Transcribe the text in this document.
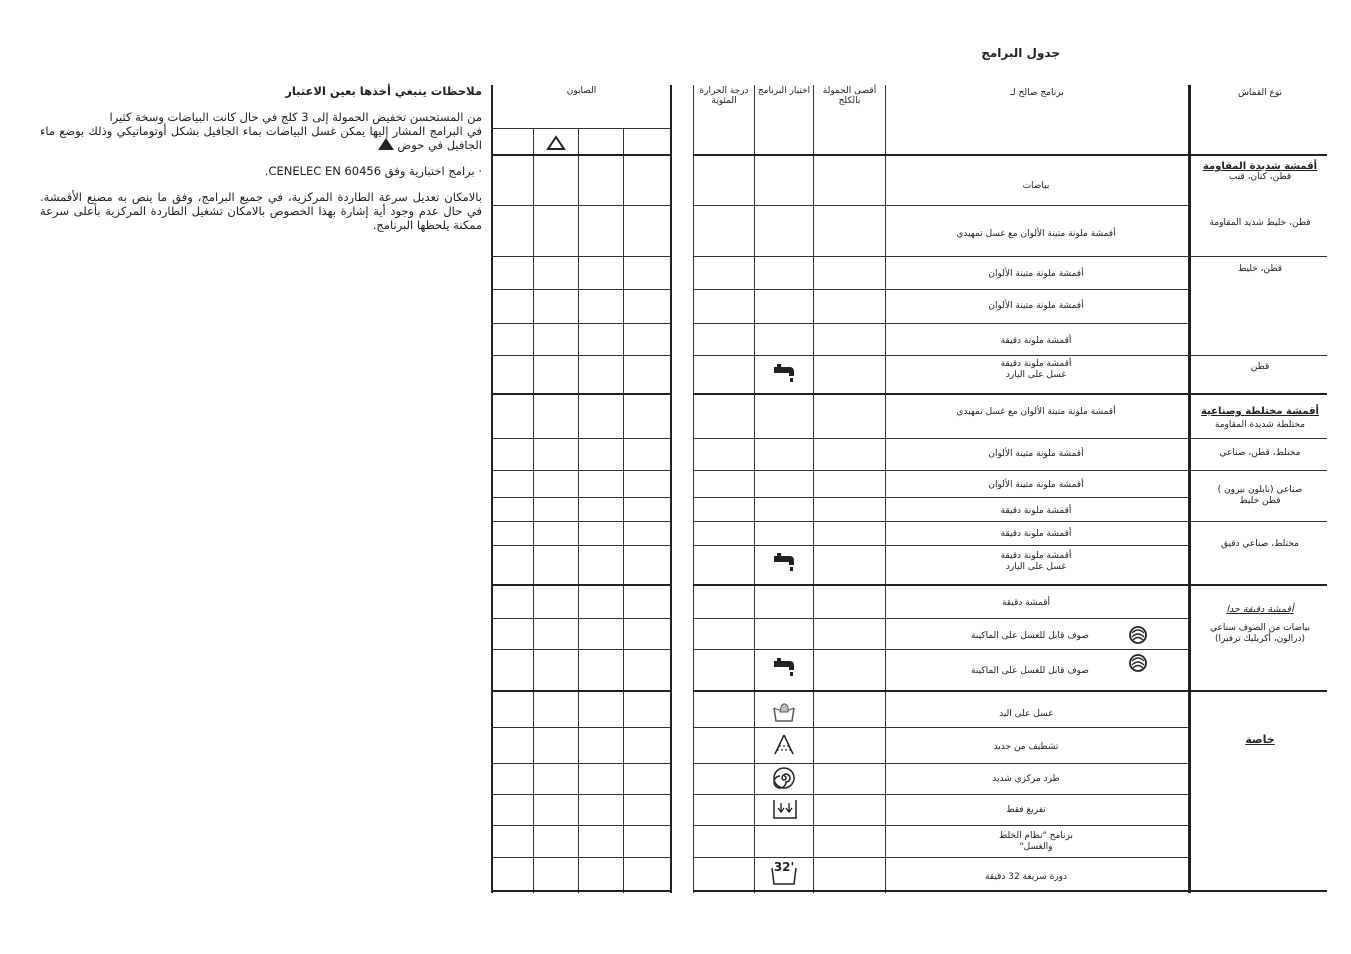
جدول البرامج

ملاحظات ينبغي أخذها بعين الاعتبار

من المستحسن تخفيض الحمولة إلى 3 كلج في حال كانت البياضات وسخة كثيرا
في البرامج المشار إليها يمكن غسل البياضات بماء الجافيل بشكل أوتوماتيكي وذلك بوضع ماء الجافيل في حوض

· برامج اختبارية وفق CENELEC EN 60456.

بالامكان تعديل سرعة الطاردة المركزية، في جميع البرامج، وفق ما ينص به مصنع الأقمشة. في حال عدم وجود أية إشارة بهذا الخصوص بالامكان تشغيل الطاردة المركزية بأعلى سرعة ممكنة يلحظها البرنامج.

نوع القماش
برنامج صالح لـ
أقصى الحمولة بالكلج
اختيار البرنامج
درجة الحرارة المئوية
أقمشة شديدة المقاومة
قطن، كتان، قنب
قطن، خليط شديد المقاومة
قطن، خليط
قطن
أقمشة مختلطة وصناعية
مختلطة شديدة المقاومة
مختلط، قطن، صناعي
صناعي (نايلون بيرون ) قطن خليط
مختلط، صناعي دقيق
أقمشة دقيقة جدا
بياضات من الصوف سناعي (درالون، أكريليك ترفيرا)
خاصة
بياضات
أقمشة ملونة متينة الألوان مع غسل تمهيدي
أقمشة ملونة متينة الألوان
أقمشة ملونة متينة الألوان
أقمشة ملونة دقيقة
أقمشة ملونة دقيقة غسل على البارد
أقمشة ملونة متينة الألوان مع غسل تمهيدي
أقمشة ملونة متينة الألوان
أقمشة ملونة متينة الألوان
أقمشة ملونة دقيقة
أقمشة ملونة دقيقة
أقمشة ملونة دقيقة غسل على البارد
أقمشة دقيقة
صوف قابل للغسل على الماكينة
صوف قابل للغسل على الماكينة
غسل على اليد
تشطيف من جديد
طرد مركزي شديد
تفريغ فقط
برنامج "نظام الخلط والغسل"
دورة سريعة 32 دقيقة
32'
الصابون
